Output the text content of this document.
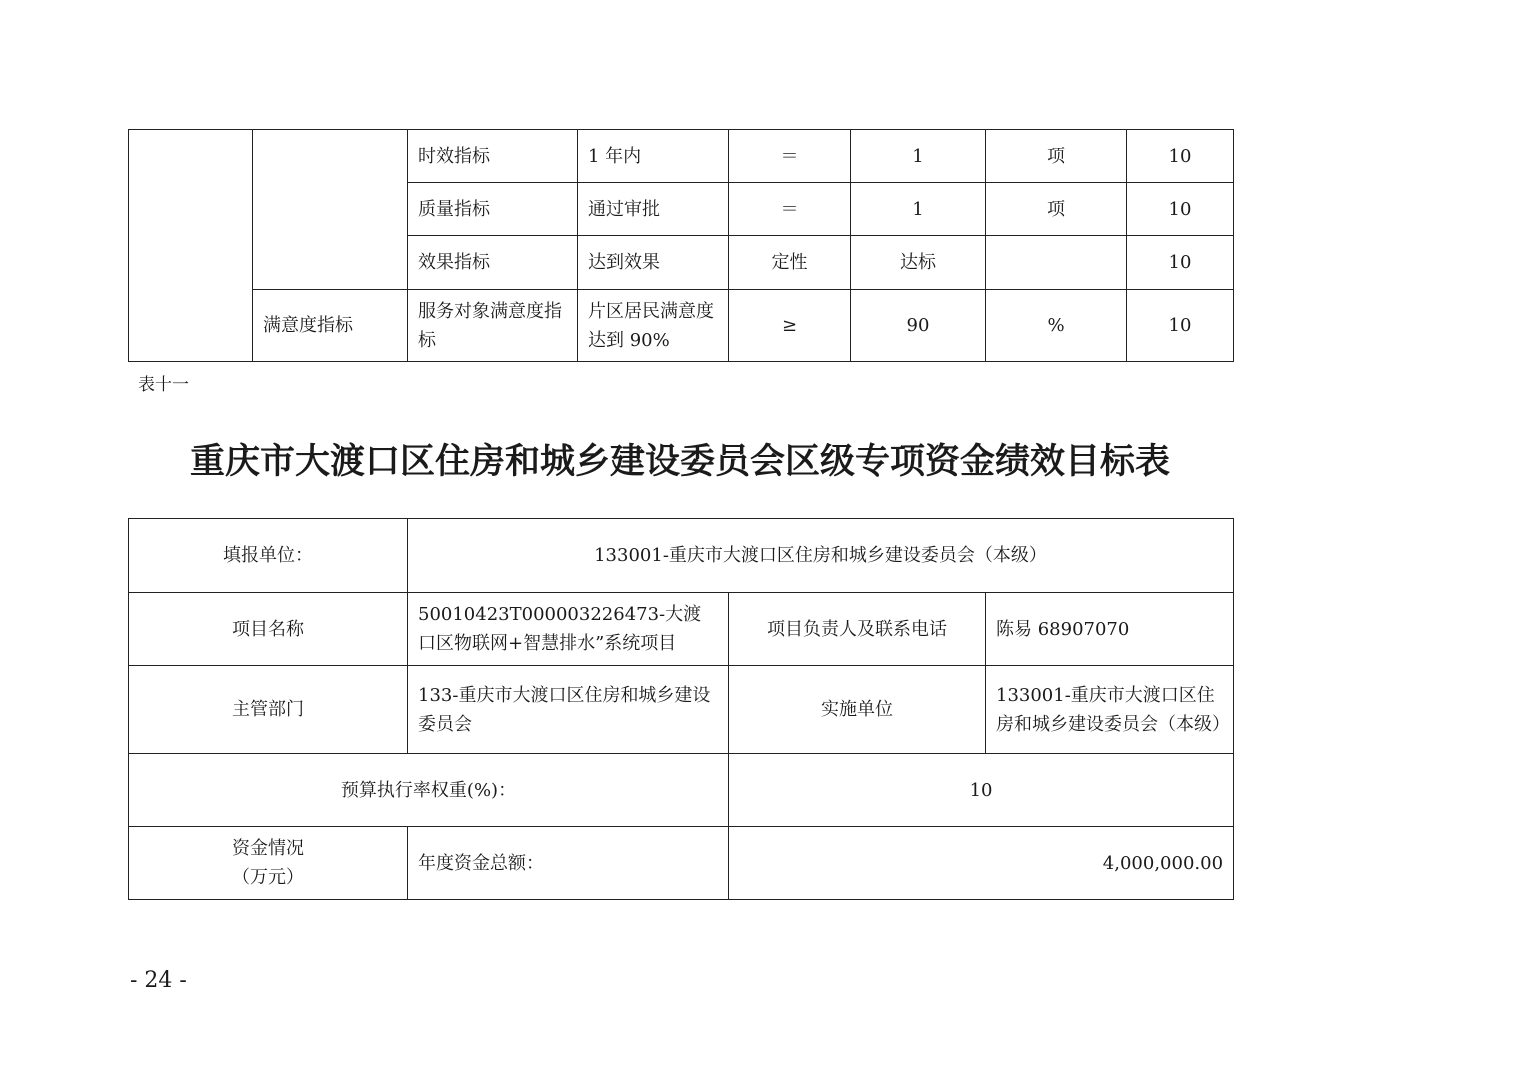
		时效指标	1 年内	＝	1	项	10
		质量指标	通过审批	＝	1	项	10
		效果指标	达到效果	定性	达标		10
	满意度指标	服务对象满意度指标	片区居民满意度达到 90%	≥	90	%	10
表十一
重庆市大渡口区住房和城乡建设委员会区级专项资金绩效目标表
填报单位：	133001-重庆市大渡口区住房和城乡建设委员会（本级）		
项目名称	50010423T000003226473-大渡口区物联网+智慧排水”系统项目	项目负责人及联系电话	陈易 68907070
主管部门	133-重庆市大渡口区住房和城乡建设委员会	实施单位	133001-重庆市大渡口区住房和城乡建设委员会（本级）
预算执行率权重(%)：		10	
资金情况（万元）	年度资金总额：	4,000,000.00	
- 24 -
